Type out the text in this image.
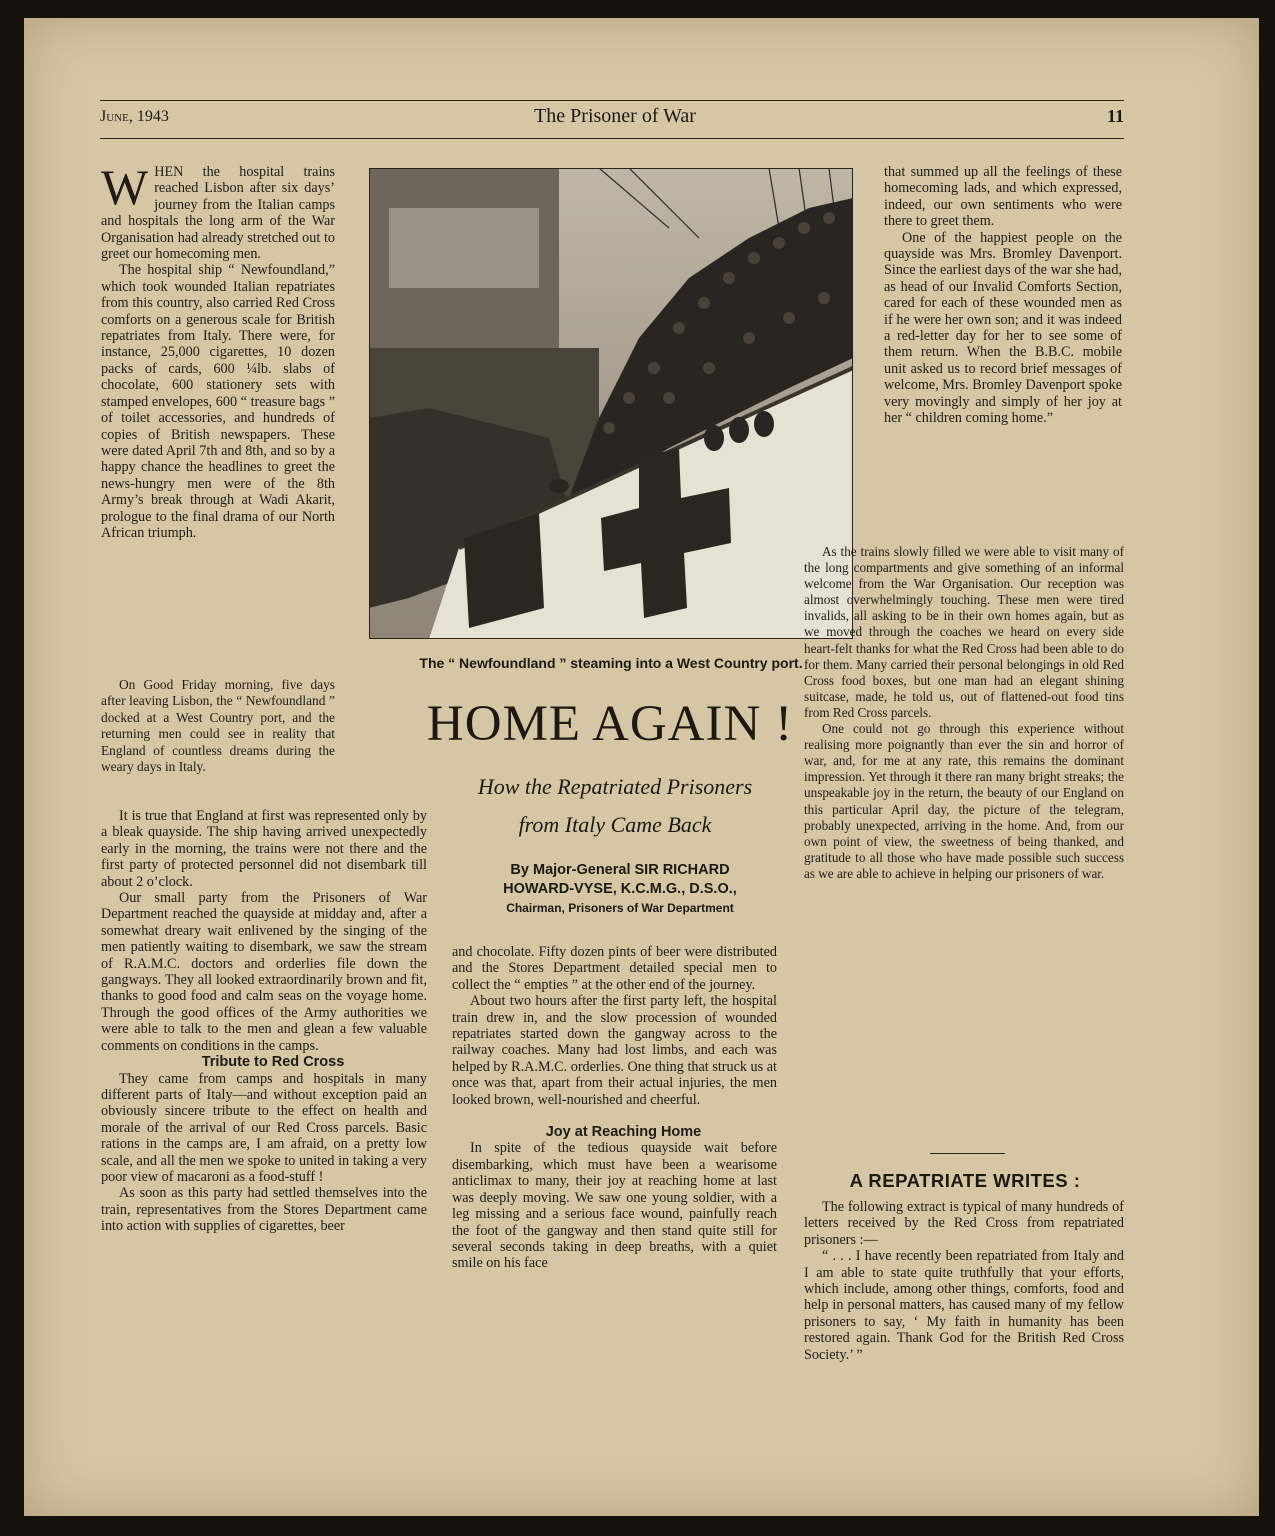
June, 1943	The Prisoner of War	11
The “ Newfoundland ” steaming into a West Country port.
HOME AGAIN !
How the Repatriated Prisoners
from Italy Came Back
By Major-General SIR RICHARD
HOWARD-VYSE, K.C.M.G., D.S.O.,
Chairman, Prisoners of War Department

WHEN the hospital trains reached Lisbon after six days’ journey from the Italian camps and hospitals the long arm of the War Organisation had already stretched out to greet our homecoming men.

The hospital ship “ Newfoundland,” which took wounded Italian repatriates from this country, also carried Red Cross comforts on a generous scale for British repatriates from Italy. There were, for instance, 25,000 cigarettes, 10 dozen packs of cards, 600 ¼lb. slabs of chocolate, 600 stationery sets with stamped envelopes, 600 “ treasure bags ” of toilet accessories, and hundreds of copies of British newspapers. These were dated April 7th and 8th, and so by a happy chance the headlines to greet the news-hungry men were of the 8th Army’s break through at Wadi Akarit, prologue to the final drama of our North African triumph.

On Good Friday morning, five days after leaving Lisbon, the “ Newfoundland ” docked at a West Country port, and the returning men could see in reality that England of countless dreams during the weary days in Italy.

It is true that England at first was represented only by a bleak quayside. The ship having arrived unexpectedly early in the morning, the trains were not there and the first party of protected personnel did not disembark till about 2 o’clock.

Our small party from the Prisoners of War Department reached the quayside at midday and, after a somewhat dreary wait enlivened by the singing of the men patiently waiting to disembark, we saw the stream of R.A.M.C. doctors and orderlies file down the gangways. They all looked extraordinarily brown and fit, thanks to good food and calm seas on the voyage home. Through the good offices of the Army authorities we were able to talk to the men and glean a few valuable comments on conditions in the camps.

Tribute to Red Cross

They came from camps and hospitals in many different parts of Italy—and without exception paid an obviously sincere tribute to the effect on health and morale of the arrival of our Red Cross parcels. Basic rations in the camps are, I am afraid, on a pretty low scale, and all the men we spoke to united in taking a very poor view of macaroni as a food-stuff !

As soon as this party had settled themselves into the train, representatives from the Stores Department came into action with supplies of cigarettes, beer

and chocolate. Fifty dozen pints of beer were distributed and the Stores Department detailed special men to collect the “ empties ” at the other end of the journey.

About two hours after the first party left, the hospital train drew in, and the slow procession of wounded repatriates started down the gangway across to the railway coaches. Many had lost limbs, and each was helped by R.A.M.C. orderlies. One thing that struck us at once was that, apart from their actual injuries, the men looked brown, well-nourished and cheerful.

Joy at Reaching Home

In spite of the tedious quayside wait before disembarking, which must have been a wearisome anticlimax to many, their joy at reaching home at last was deeply moving. We saw one young soldier, with a leg missing and a serious face wound, painfully reach the foot of the gangway and then stand quite still for several seconds taking in deep breaths, with a quiet smile on his face

that summed up all the feelings of these homecoming lads, and which expressed, indeed, our own sentiments who were there to greet them.

One of the happiest people on the quayside was Mrs. Bromley Davenport. Since the earliest days of the war she had, as head of our Invalid Comforts Section, cared for each of these wounded men as if he were her own son; and it was indeed a red-letter day for her to see some of them return. When the B.B.C. mobile unit asked us to record brief messages of welcome, Mrs. Bromley Davenport spoke very movingly and simply of her joy at her “ children coming home.”

As the trains slowly filled we were able to visit many of the long compartments and give something of an informal welcome from the War Organisation. Our reception was almost overwhelmingly touching. These men were tired invalids, all asking to be in their own homes again, but as we moved through the coaches we heard on every side heart-felt thanks for what the Red Cross had been able to do for them. Many carried their personal belongings in old Red Cross food boxes, but one man had an elegant shining suitcase, made, he told us, out of flattened-out food tins from Red Cross parcels.

One could not go through this experience without realising more poignantly than ever the sin and horror of war, and, for me at any rate, this remains the dominant impression. Yet through it there ran many bright streaks; the unspeakable joy in the return, the beauty of our England on this particular April day, the picture of the telegram, probably unexpected, arriving in the home. And, from our own point of view, the sweetness of being thanked, and gratitude to all those who have made possible such success as we are able to achieve in helping our prisoners of war.

A REPATRIATE WRITES :

The following extract is typical of many hundreds of letters received by the Red Cross from repatriated prisoners :—

“ . . . I have recently been repatriated from Italy and I am able to state quite truthfully that your efforts, which include, among other things, comforts, food and help in personal matters, has caused many of my fellow prisoners to say, ‘ My faith in humanity has been restored again. Thank God for the British Red Cross Society.’ ”
